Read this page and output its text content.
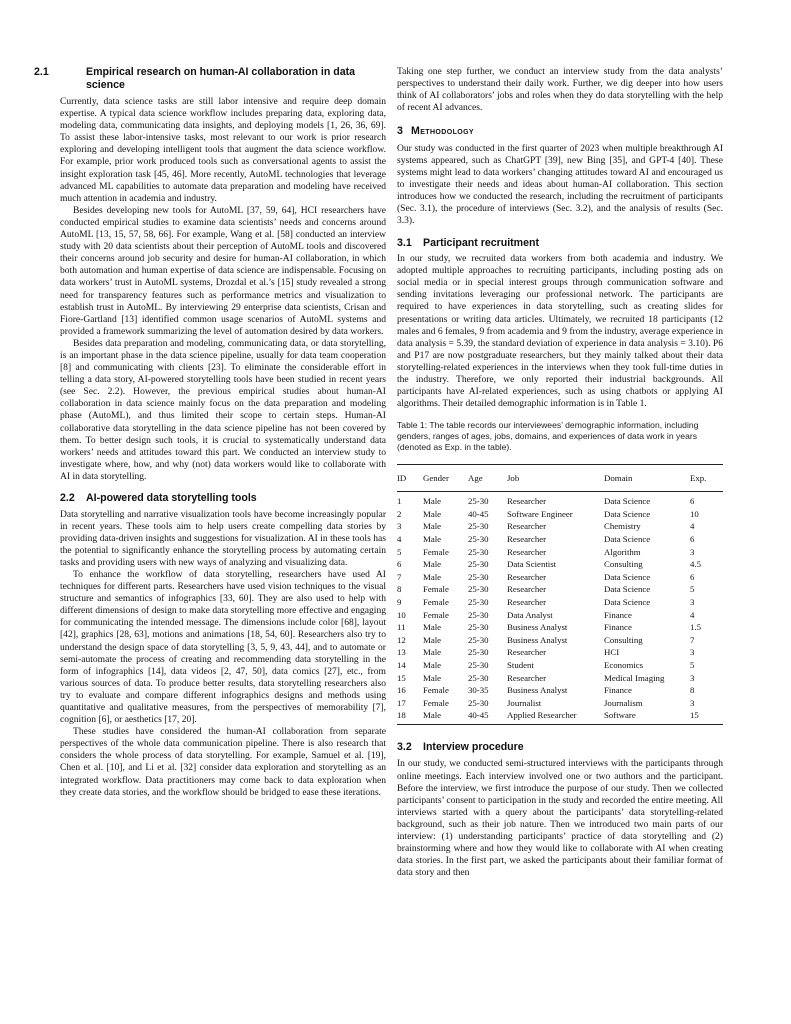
2.1	Empirical research on human-AI collaboration in data science

Currently, data science tasks are still labor intensive and require deep domain expertise. A typical data science workflow includes preparing data, exploring data, modeling data, communicating data insights, and deploying models [1, 26, 36, 69]. To assist these labor-intensive tasks, most relevant to our work is prior research exploring and developing intelligent tools that augment the data science workflow. For example, prior work produced tools such as conversational agents to assist the insight exploration task [45, 46]. More recently, AutoML technologies that leverage advanced ML capabilities to automate data preparation and modeling have received much attention in academia and industry.

Besides developing new tools for AutoML [37, 59, 64], HCI researchers have conducted empirical studies to examine data scientists’ needs and concerns around AutoML [13, 15, 57, 58, 66]. For example, Wang et al. [58] conducted an interview study with 20 data scientists about their perception of AutoML tools and discovered their concerns around job security and desire for human-AI collaboration, in which both automation and human expertise of data science are indispensable. Focusing on data workers’ trust in AutoML systems, Drozdal et al.’s [15] study revealed a strong need for transparency features such as performance metrics and visualization to establish trust in AutoML. By interviewing 29 enterprise data scientists, Crisan and Fiore-Gartland [13] identified common usage scenarios of AutoML systems and provided a framework summarizing the level of automation desired by data workers.

Besides data preparation and modeling, communicating data, or data storytelling, is an important phase in the data science pipeline, usually for data team cooperation [8] and communicating with clients [23]. To eliminate the considerable effort in telling a data story, AI-powered storytelling tools have been studied in recent years (see Sec. 2.2). However, the previous empirical studies about human-AI collaboration in data science mainly focus on the data preparation and modeling phase (AutoML), and thus limited their scope to certain steps. Human-AI collaborative data storytelling in the data science pipeline has not been covered by them. To better design such tools, it is crucial to systematically understand data workers’ needs and attitudes toward this part. We conducted an interview study to investigate where, how, and why (not) data workers would like to collaborate with AI in data storytelling.

2.2 AI-powered data storytelling tools

Data storytelling and narrative visualization tools have become increasingly popular in recent years. These tools aim to help users create compelling data stories by providing data-driven insights and suggestions for visualization. AI in these tools has the potential to significantly enhance the storytelling process by automating certain tasks and providing users with new ways of analyzing and visualizing data.

To enhance the workflow of data storytelling, researchers have used AI techniques for different parts. Researchers have used vision techniques to the visual structure and semantics of infographics [33, 60]. They are also used to help with different dimensions of design to make data storytelling more effective and engaging for communicating the intended message. The dimensions include color [68], layout [42], graphics [28, 63], motions and animations [18, 54, 60]. Researchers also try to understand the design space of data storytelling [3, 5, 9, 43, 44], and to automate or semi-automate the process of creating and recommending data storytelling in the form of infographics [14], data videos [2, 47, 50], data comics [27], etc., from various sources of data. To produce better results, data storytelling researchers also try to evaluate and compare different infographics designs and methods using quantitative and qualitative measures, from the perspectives of memorability [7], cognition [6], or aesthetics [17, 20].

These studies have considered the human-AI collaboration from separate perspectives of the whole data communication pipeline. There is also research that considers the whole process of data storytelling. For example, Samuel et al. [19], Chen et al. [10], and Li et al. [32] consider data exploration and storytelling as an integrated workflow. Data practitioners may come back to data exploration when they create data stories, and the workflow should be bridged to ease these iterations.

Taking one step further, we conduct an interview study from the data analysts’ perspectives to understand their daily work. Further, we dig deeper into how users think of AI collaborators’ jobs and roles when they do data storytelling with the help of recent AI advances.

3 Methodology

Our study was conducted in the first quarter of 2023 when multiple breakthrough AI systems appeared, such as ChatGPT [39], new Bing [35], and GPT-4 [40]. These systems might lead to data workers’ changing attitudes toward AI and encouraged us to investigate their needs and ideas about human-AI collaboration. This section introduces how we conducted the research, including the recruitment of participants (Sec. 3.1), the procedure of interviews (Sec. 3.2), and the analysis of results (Sec. 3.3).

3.1 Participant recruitment

In our study, we recruited data workers from both academia and industry. We adopted multiple approaches to recruiting participants, including posting ads on social media or in special interest groups through communication software and sending invitations leveraging our professional network. The participants are required to have experiences in data storytelling, such as creating slides for presentations or writing data articles. Ultimately, we recruited 18 participants (12 males and 6 females, 9 from academia and 9 from the industry, average experience in data analysis = 5.39, the standard deviation of experience in data analysis = 3.10). P6 and P17 are now postgraduate researchers, but they mainly talked about their data storytelling-related experiences in the interviews when they took full-time duties in the industry. Therefore, we only reported their industrial backgrounds. All participants have AI-related experiences, such as using chatbots or applying AI algorithms. Their detailed demographic information is in Table 1.

Table 1: The table records our interviewees’ demographic information, including genders, ranges of ages, jobs, domains, and experiences of data work in years (denoted as Exp. in the table).

ID	Gender	Age	Job	Domain	Exp.
1	Male	25-30	Researcher	Data Science	6
2	Male	40-45	Software Engineer	Data Science	10
3	Male	25-30	Researcher	Chemistry	4
4	Male	25-30	Researcher	Data Science	6
5	Female	25-30	Researcher	Algorithm	3
6	Male	25-30	Data Scientist	Consulting	4.5
7	Male	25-30	Researcher	Data Science	6
8	Female	25-30	Researcher	Data Science	5
9	Female	25-30	Researcher	Data Science	3
10	Female	25-30	Data Analyst	Finance	4
11	Male	25-30	Business Analyst	Finance	1.5
12	Male	25-30	Business Analyst	Consulting	7
13	Male	25-30	Researcher	HCI	3
14	Male	25-30	Student	Economics	5
15	Male	25-30	Researcher	Medical Imaging	3
16	Female	30-35	Business Analyst	Finance	8
17	Female	25-30	Journalist	Journalism	3
18	Male	40-45	Applied Researcher	Software	15
3.2 Interview procedure

In our study, we conducted semi-structured interviews with the participants through online meetings. Each interview involved one or two authors and the participant. Before the interview, we first introduce the purpose of our study. Then we collected participants’ consent to participation in the study and recorded the entire meeting. All interviews started with a query about the participants’ data storytelling-related background, such as their job nature. Then we introduced two main parts of our interview: (1) understanding participants’ practice of data storytelling and (2) brainstorming where and how they would like to collaborate with AI when creating data stories. In the first part, we asked the participants about their familiar format of data story and then
